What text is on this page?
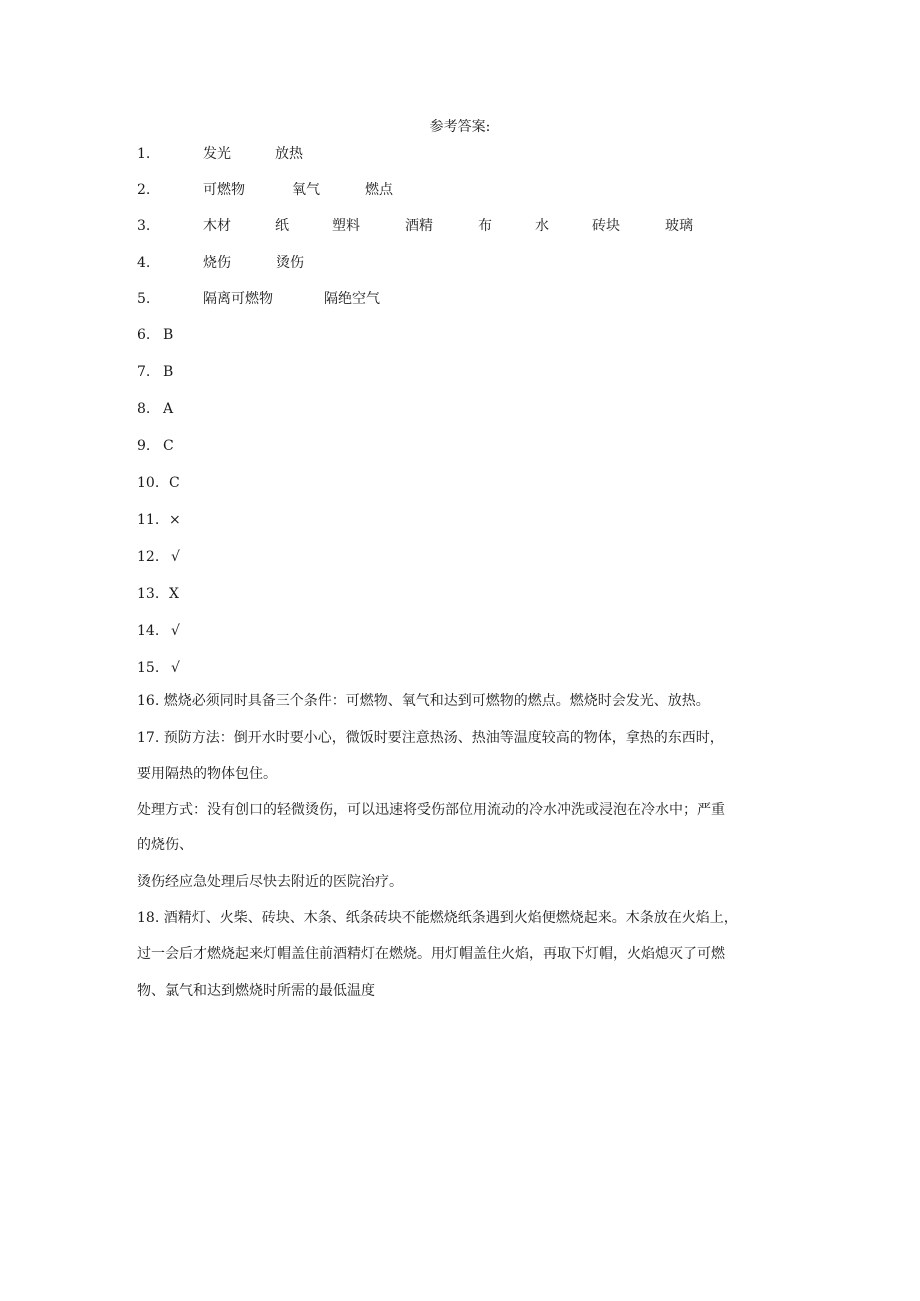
参考答案:
1.	发光	放热
2.	可燃物	氧气	燃点
3.	木材	纸	塑料	酒精	布	水	砖块	玻璃
4.	烧伤	烫伤
5.	隔离可燃物	隔绝空气
6. B
7. B
8. A
9. C
10. C
11. ×
12. √
13. X
14. √
15. √
16. 燃烧必须同时具备三个条件：可燃物、氧气和达到可燃物的燃点。燃烧时会发光、放热。
17. 预防方法：倒开水时要小心，微饭时要注意热汤、热油等温度较高的物体，拿热的东西时，
要用隔热的物体包住。
处理方式：没有创口的轻微烫伤，可以迅速将受伤部位用流动的冷水冲洗或浸泡在冷水中；严重
的烧伤、
烫伤经应急处理后尽快去附近的医院治疗。
18. 酒精灯、火柴、砖块、木条、纸条砖块不能燃烧纸条遇到火焰便燃烧起来。木条放在火焰上，
过一会后才燃烧起来灯帽盖住前酒精灯在燃烧。用灯帽盖住火焰，再取下灯帽，火焰熄灭了可燃
物、氯气和达到燃烧时所需的最低温度
